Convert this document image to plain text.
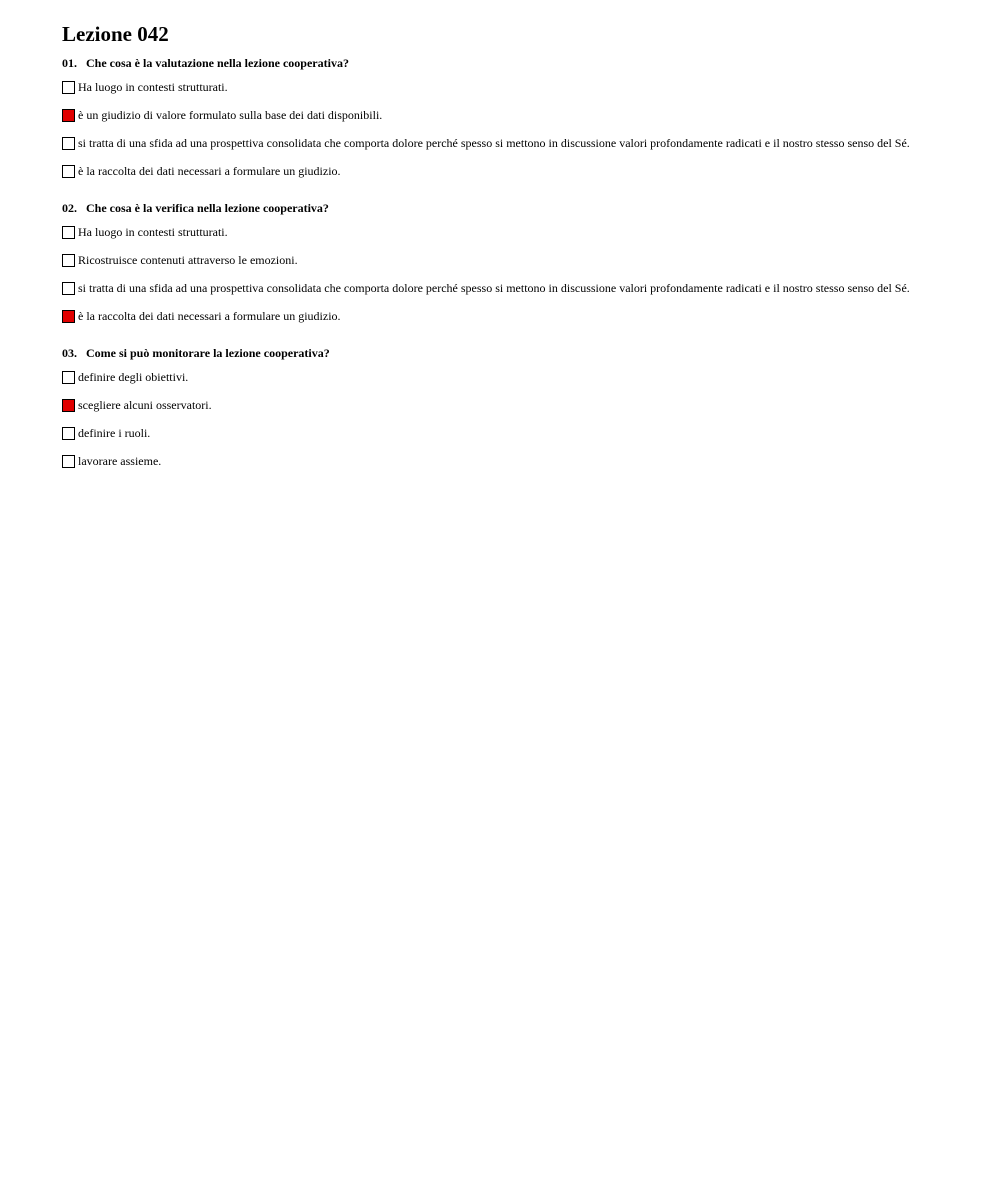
Lezione 042
01. Che cosa è la valutazione nella lezione cooperativa?
Ha luogo in contesti strutturati.
è un giudizio di valore formulato sulla base dei dati disponibili.
si tratta di una sfida ad una prospettiva consolidata che comporta dolore perché spesso si mettono in discussione valori profondamente radicati e il nostro stesso senso del Sé.
è la raccolta dei dati necessari a formulare un giudizio.
02. Che cosa è la verifica nella lezione cooperativa?
Ha luogo in contesti strutturati.
Ricostruisce contenuti attraverso le emozioni.
si tratta di una sfida ad una prospettiva consolidata che comporta dolore perché spesso si mettono in discussione valori profondamente radicati e il nostro stesso senso del Sé.
è la raccolta dei dati necessari a formulare un giudizio.
03. Come si può monitorare la lezione cooperativa?
definire degli obiettivi.
scegliere alcuni osservatori.
definire i ruoli.
lavorare assieme.
